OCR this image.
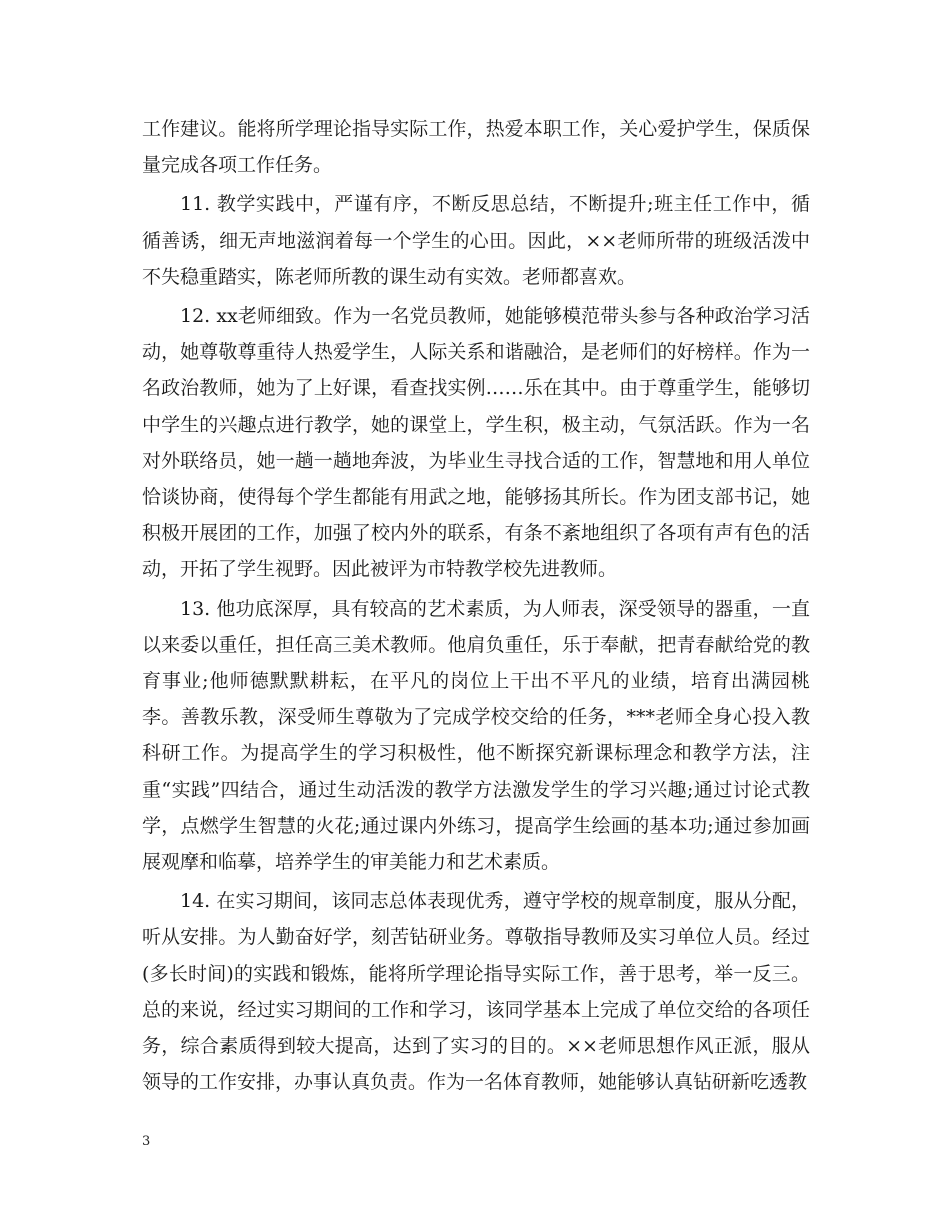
工作建议。能将所学理论指导实际工作，热爱本职工作，关心爱护学生，保质保量完成各项工作任务。

11. 教学实践中，严谨有序，不断反思总结，不断提升;班主任工作中，循循善诱，细无声地滋润着每一个学生的心田。因此，××老师所带的班级活泼中不失稳重踏实，陈老师所教的课生动有实效。老师都喜欢。

12. xx老师细致。作为一名党员教师，她能够模范带头参与各种政治学习活动，她尊敬尊重待人热爱学生，人际关系和谐融洽，是老师们的好榜样。作为一名政治教师，她为了上好课，看查找实例……乐在其中。由于尊重学生，能够切中学生的兴趣点进行教学，她的课堂上，学生积，极主动，气氛活跃。作为一名对外联络员，她一趟一趟地奔波，为毕业生寻找合适的工作，智慧地和用人单位恰谈协商，使得每个学生都能有用武之地，能够扬其所长。作为团支部书记，她积极开展团的工作，加强了校内外的联系，有条不紊地组织了各项有声有色的活动，开拓了学生视野。因此被评为市特教学校先进教师。

13. 他功底深厚，具有较高的艺术素质，为人师表，深受领导的器重，一直以来委以重任，担任高三美术教师。他肩负重任，乐于奉献，把青春献给党的教育事业;他师德默默耕耘，在平凡的岗位上干出不平凡的业绩，培育出满园桃李。善教乐教，深受师生尊敬为了完成学校交给的任务，***老师全身心投入教科研工作。为提高学生的学习积极性，他不断探究新课标理念和教学方法，注重“实践”四结合，通过生动活泼的教学方法激发学生的学习兴趣;通过讨论式教学，点燃学生智慧的火花;通过课内外练习，提高学生绘画的基本功;通过参加画展观摩和临摹，培养学生的审美能力和艺术素质。

14. 在实习期间，该同志总体表现优秀，遵守学校的规章制度，服从分配，听从安排。为人勤奋好学，刻苦钻研业务。尊敬指导教师及实习单位人员。经过(多长时间)的实践和锻炼，能将所学理论指导实际工作，善于思考，举一反三。总的来说，经过实习期间的工作和学习，该同学基本上完成了单位交给的各项任务，综合素质得到较大提高，达到了实习的目的。××老师思想作风正派，服从领导的工作安排，办事认真负责。作为一名体育教师，她能够认真钻研新吃透教

3
